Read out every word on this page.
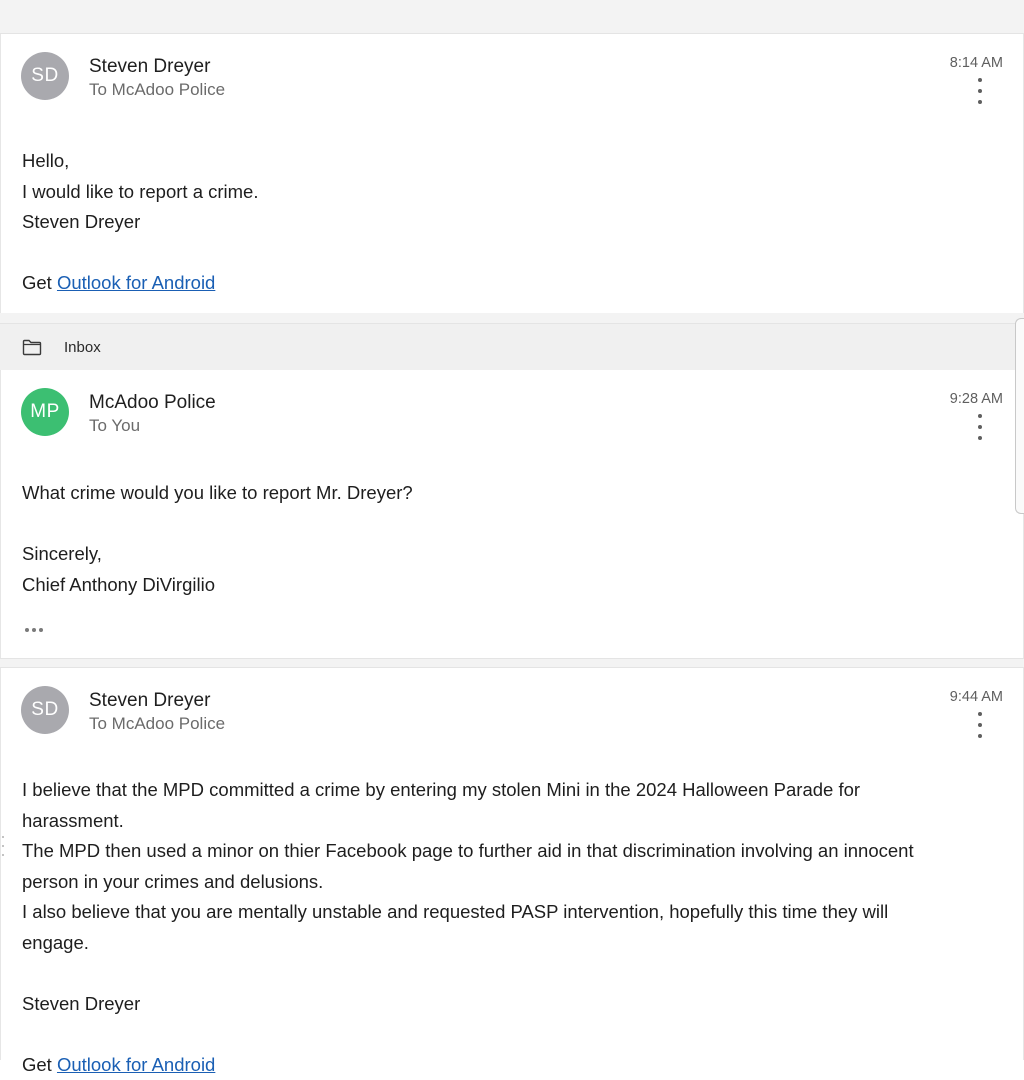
SD Steven Dreyer
To McAdoo Police
8:14 AM

Hello,

I would like to report a crime.

Steven Dreyer

Get Outlook for Android

Inbox
MP McAdoo Police
To You
9:28 AM

What crime would you like to report Mr. Dreyer?

Sincerely,

Chief Anthony DiVirgilio

SD Steven Dreyer
To McAdoo Police
9:44 AM

I believe that the MPD committed a crime by entering my stolen Mini in the 2024 Halloween Parade for

harassment.

The MPD then used a minor on thier Facebook page to further aid in that discrimination involving an innocent

person in your crimes and delusions.

I also believe that you are mentally unstable and requested PASP intervention, hopefully this time they will

engage.

Steven Dreyer

Get Outlook for Android
